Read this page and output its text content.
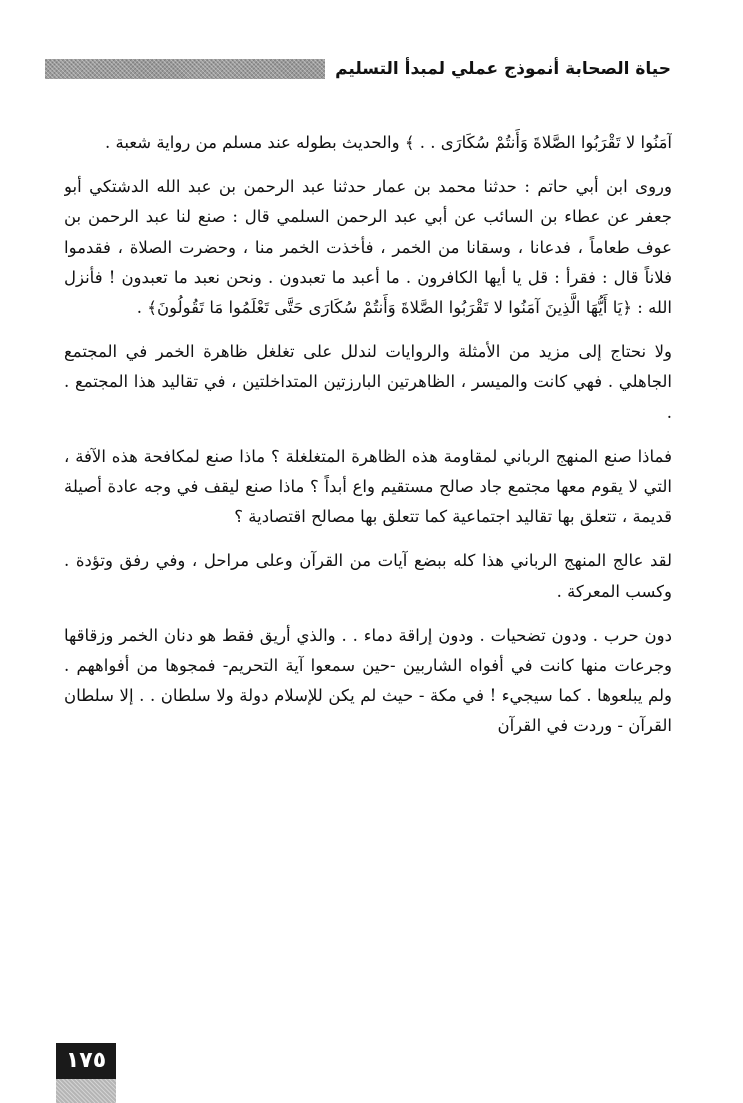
حياة الصحابة أنموذج عملي لمبدأ التسليم

آمَنُوا لا تَقْرَبُوا الصَّلاةَ وَأَنتُمْ سُكَارَى . . ﴾ والحديث بطوله عند مسلم من رواية شعبة .

وروى ابن أبي حاتم : حدثنا محمد بن عمار حدثنا عبد الرحمن بن عبد الله الدشتكي أبو جعفر عن عطاء بن السائب عن أبي عبد الرحمن السلمي قال : صنع لنا عبد الرحمن بن عوف طعاماً ، فدعانا ، وسقانا من الخمر ، فأخذت الخمر منا ، وحضرت الصلاة ، فقدموا فلاناً قال : فقرأ : قل يا أيها الكافرون . ما أعبد ما تعبدون . ونحن نعبد ما تعبدون ! فأنزل الله : ﴿يَا أَيُّهَا الَّذِينَ آمَنُوا لا تَقْرَبُوا الصَّلاةَ وَأَنتُمْ سُكَارَى حَتَّى تَعْلَمُوا مَا تَقُولُونَ﴾ .

ولا نحتاج إلى مزيد من الأمثلة والروايات لندلل على تغلغل ظاهرة الخمر في المجتمع الجاهلي . فهي كانت والميسر ، الظاهرتين البارزتين المتداخلتين ، في تقاليد هذا المجتمع . .

فماذا صنع المنهج الرباني لمقاومة هذه الظاهرة المتغلغلة ؟ ماذا صنع لمكافحة هذه الآفة ، التي لا يقوم معها مجتمع جاد صالح مستقيم واع أبداً ؟ ماذا صنع ليقف في وجه عادة أصيلة قديمة ، تتعلق بها تقاليد اجتماعية كما تتعلق بها مصالح اقتصادية ؟

لقد عالج المنهج الرباني هذا كله ببضع آيات من القرآن وعلى مراحل ، وفي رفق وتؤدة . وكسب المعركة .

دون حرب . ودون تضحيات . ودون إراقة دماء . . والذي أريق فقط هو دنان الخمر وزقاقها وجرعات منها كانت في أفواه الشاربين -حين سمعوا آية التحريم- فمجوها من أفواههم . ولم يبلعوها . كما سيجيء ! في مكة - حيث لم يكن للإسلام دولة ولا سلطان . . إلا سلطان القرآن - وردت في القرآن

١٧٥
